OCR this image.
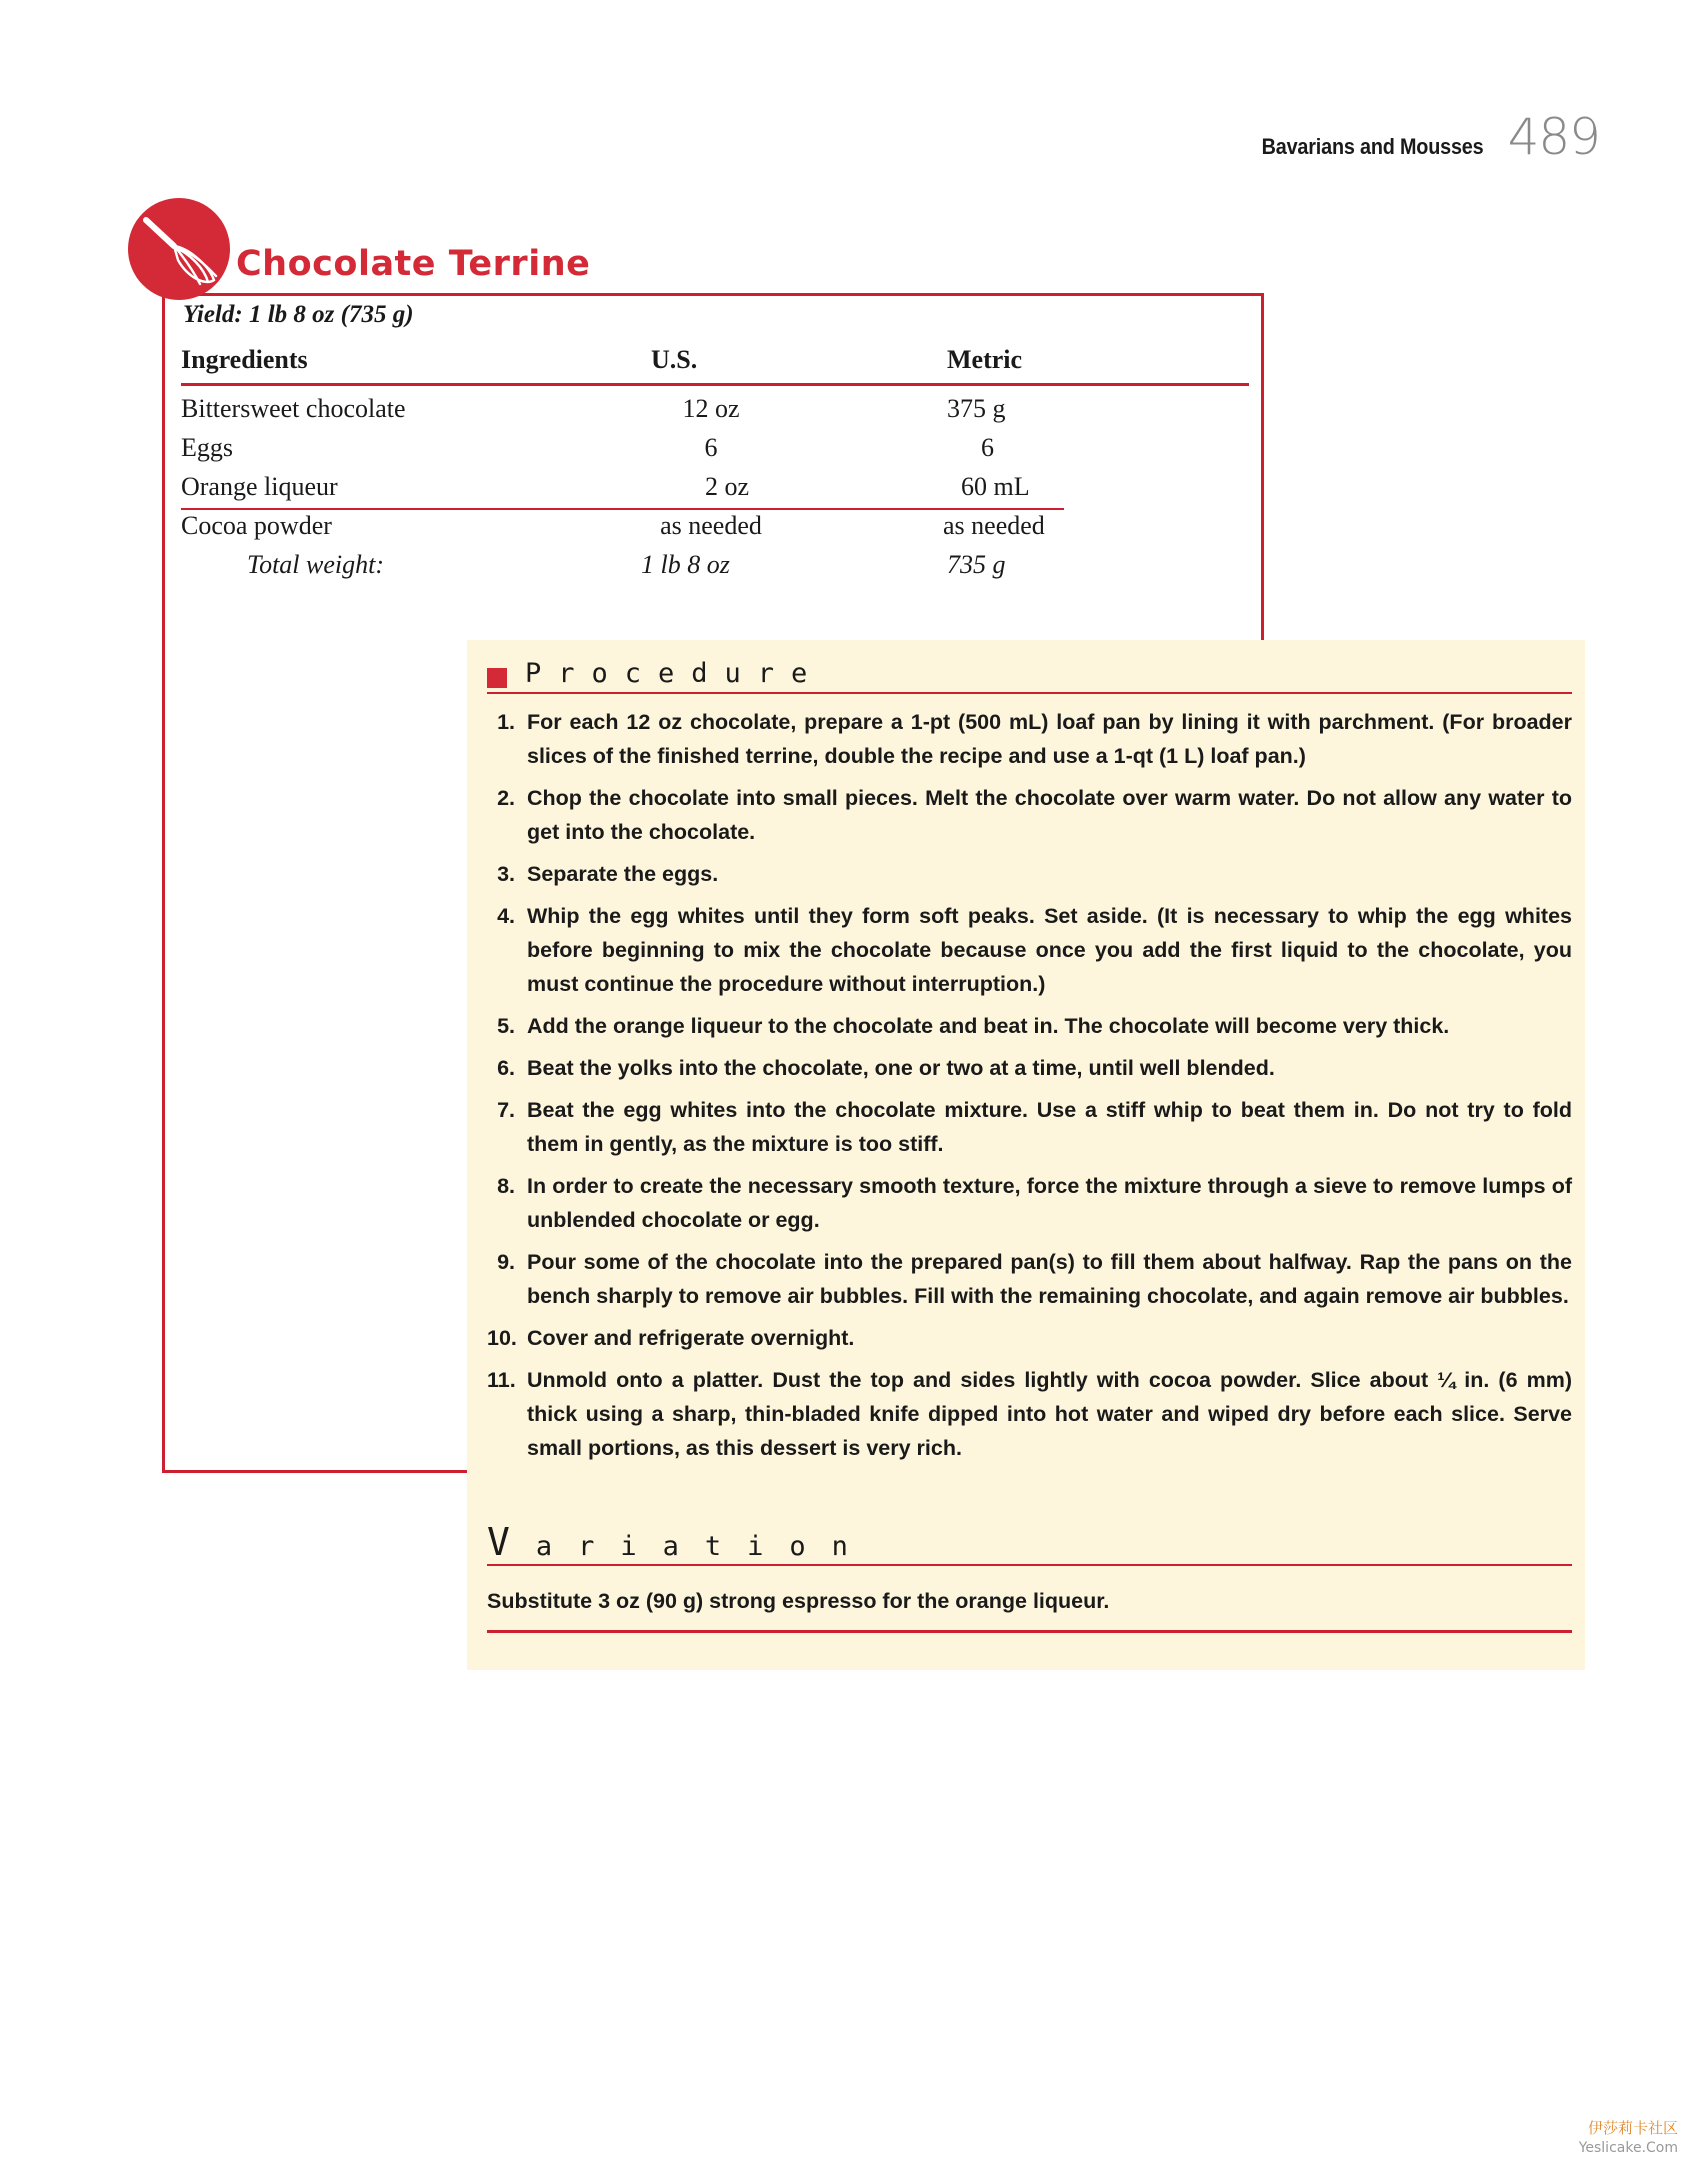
Bavarians and Mousses 489
Chocolate Terrine
Yield: 1 lb 8 oz (735 g)
Ingredients	U.S.	Metric
Bittersweet chocolate	12 oz	375 g
Eggs	6	6
Orange liqueur	2 oz	60 mL
Cocoa powder	as needed	as needed
Total weight:	1 lb 8 oz	735 g
Procedure
1. For each 12 oz chocolate, prepare a 1-pt (500 mL) loaf pan by lining it with parchment. (For broader slices of the finished terrine, double the recipe and use a 1-qt (1 L) loaf pan.)
2. Chop the chocolate into small pieces. Melt the chocolate over warm water. Do not allow any water to get into the chocolate.
3. Separate the eggs.
4. Whip the egg whites until they form soft peaks. Set aside. (It is necessary to whip the egg whites before beginning to mix the chocolate because once you add the first liquid to the chocolate, you must continue the procedure without interruption.)
5. Add the orange liqueur to the chocolate and beat in. The chocolate will become very thick.
6. Beat the yolks into the chocolate, one or two at a time, until well blended.
7. Beat the egg whites into the chocolate mixture. Use a stiff whip to beat them in. Do not try to fold them in gently, as the mixture is too stiff.
8. In order to create the necessary smooth texture, force the mixture through a sieve to remove lumps of unblended chocolate or egg.
9. Pour some of the chocolate into the prepared pan(s) to fill them about halfway. Rap the pans on the bench sharply to remove air bubbles. Fill with the remaining chocolate, and again remove air bubbles.
10. Cover and refrigerate overnight.
11. Unmold onto a platter. Dust the top and sides lightly with cocoa powder. Slice about ¼ in. (6 mm) thick using a sharp, thin-bladed knife dipped into hot water and wiped dry before each slice. Serve small portions, as this dessert is very rich.
Variation
Substitute 3 oz (90 g) strong espresso for the orange liqueur.
伊莎莉卡社区
Yeslicake.Com
